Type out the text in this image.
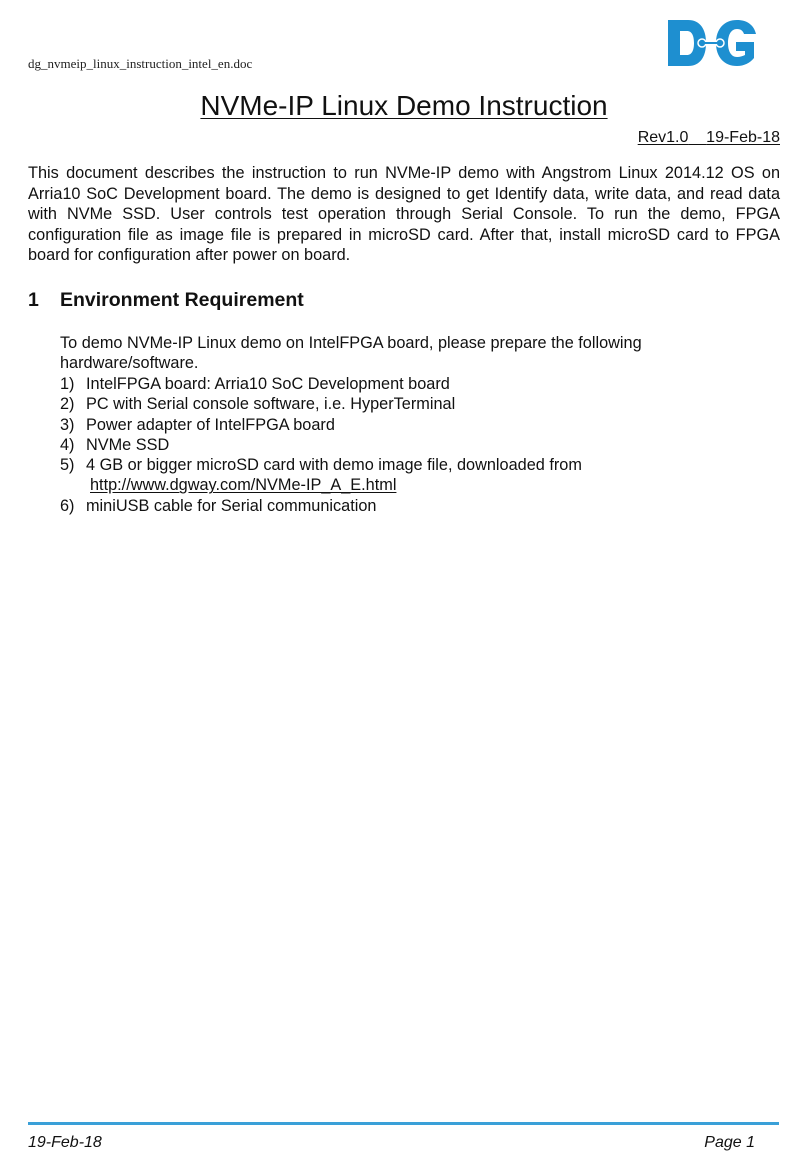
dg_nvmeip_linux_instruction_intel_en.doc
NVMe-IP Linux Demo Instruction
Rev1.0 19-Feb-18

This document describes the instruction to run NVMe-IP demo with Angstrom Linux 2014.12 OS on Arria10 SoC Development board. The demo is designed to get Identify data, write data, and read data with NVMe SSD. User controls test operation through Serial Console. To run the demo, FPGA configuration file as image file is prepared in microSD card. After that, install microSD card to FPGA board for configuration after power on board.

1 Environment Requirement

To demo NVMe-IP Linux demo on IntelFPGA board, please prepare the following hardware/software.

1) IntelFPGA board: Arria10 SoC Development board
2) PC with Serial console software, i.e. HyperTerminal
3) Power adapter of IntelFPGA board
4) NVMe SSD
5) 4 GB or bigger microSD card with demo image file, downloaded from
http://www.dgway.com/NVMe-IP_A_E.html
6) miniUSB cable for Serial communication
19-Feb-18	Page 1
